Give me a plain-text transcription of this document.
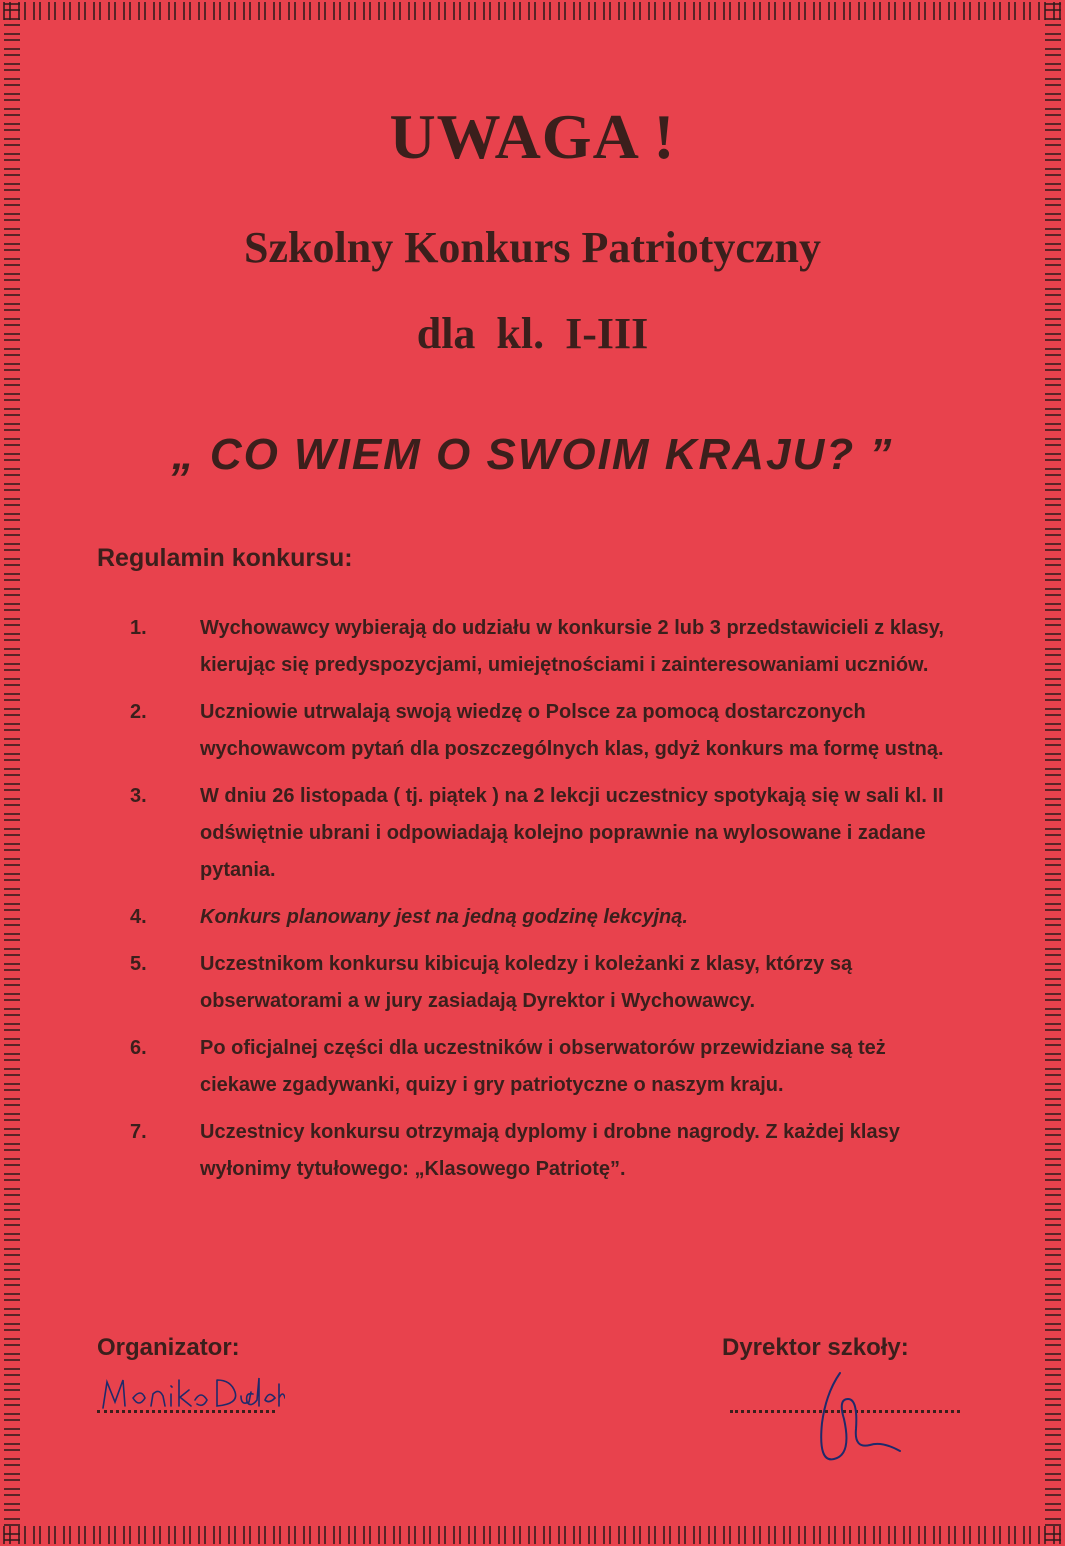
UWAGA !
Szkolny Konkurs Patriotyczny
dla kl. I-III
„ CO WIEM O SWOIM KRAJU? ”
Regulamin konkursu:
1.	Wychowawcy wybierają do udziału w konkursie 2 lub 3 przedstawicieli z klasy, kierując się predyspozycjami, umiejętnościami i zainteresowaniami uczniów.
2.	Uczniowie utrwalają swoją wiedzę o Polsce za pomocą dostarczonych wychowawcom pytań dla poszczególnych klas, gdyż konkurs ma formę ustną.
3.	W dniu 26 listopada ( tj. piątek ) na 2 lekcji uczestnicy spotykają się w sali kl. II odświętnie ubrani i odpowiadają kolejno poprawnie na wylosowane i zadane pytania.
4.	Konkurs planowany jest na jedną godzinę lekcyjną.
5.	Uczestnikom konkursu kibicują koledzy i koleżanki z klasy, którzy są obserwatorami a w jury zasiadają Dyrektor i Wychowawcy.
6.	Po oficjalnej części dla uczestników i obserwatorów przewidziane są też ciekawe zgadywanki, quizy i gry patriotyczne o naszym kraju.
7.	Uczestnicy konkursu otrzymają dyplomy i drobne nagrody. Z każdej klasy wyłonimy tytułowego: „Klasowego Patriotę”.
Organizator:	Dyrektor szkoły:
